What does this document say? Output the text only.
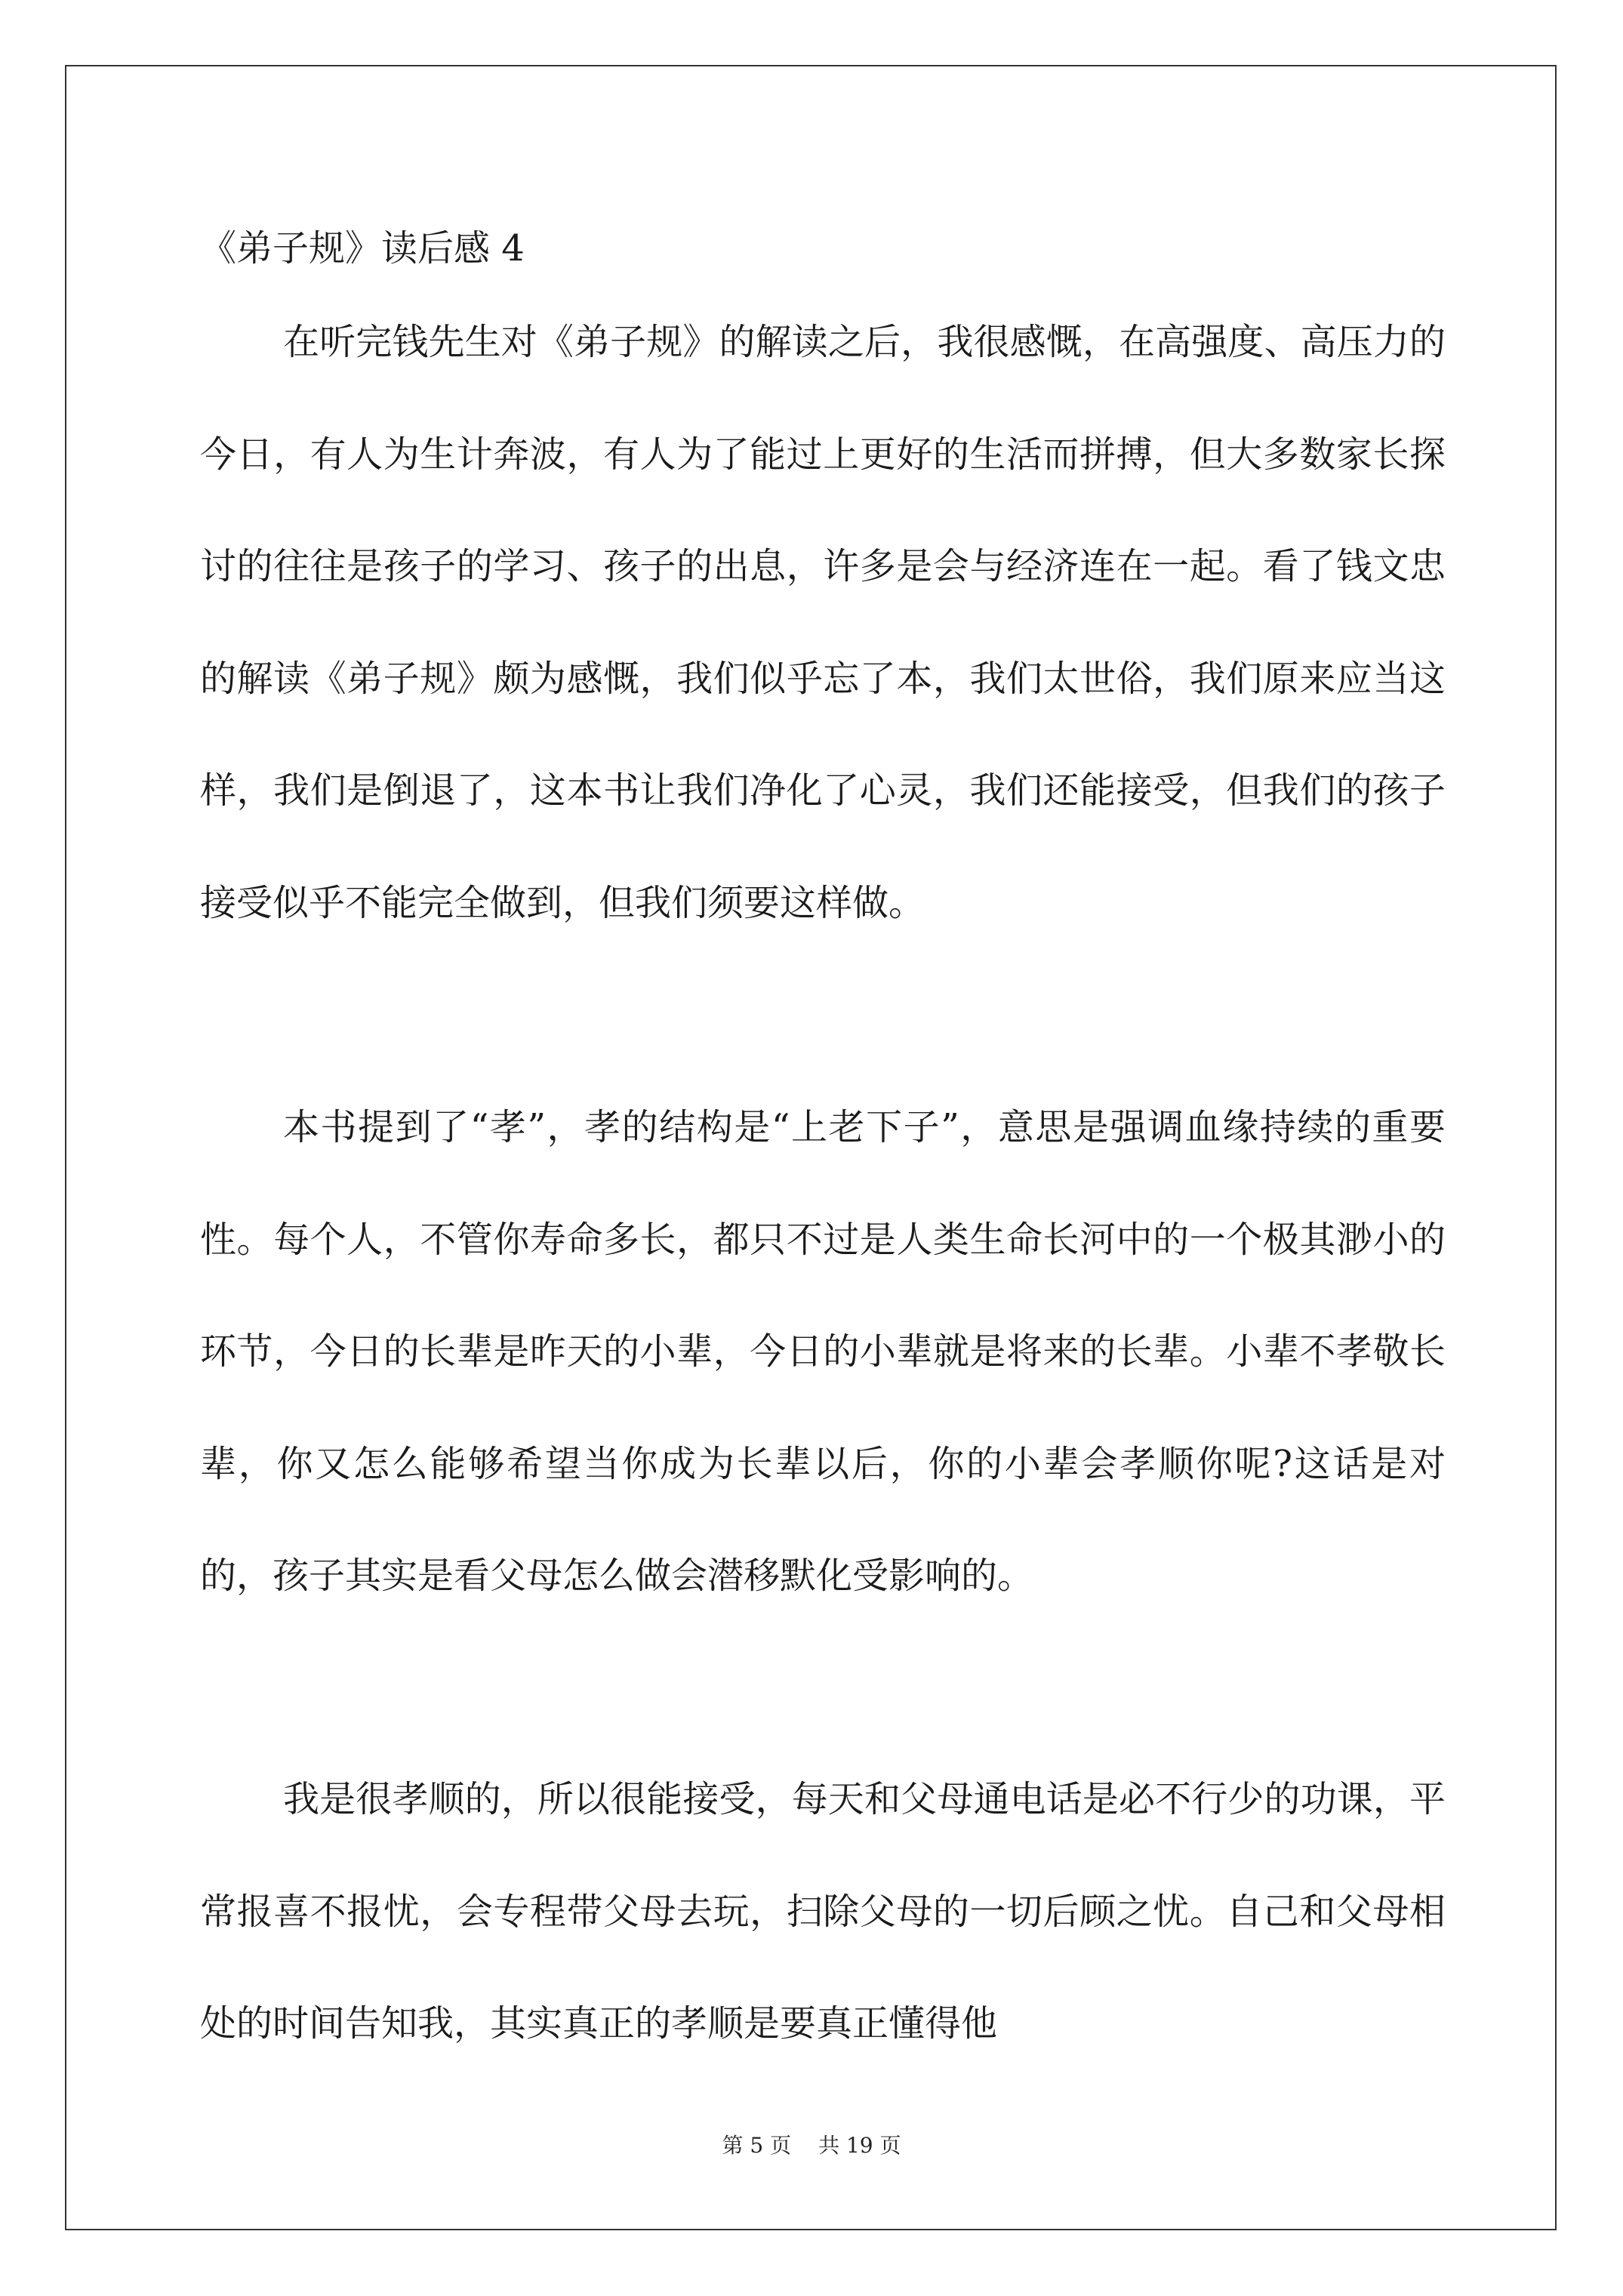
《弟子规》读后感 4

在听完钱先生对《弟子规》的解读之后，我很感慨，在高强度、高压力的今日，有人为生计奔波，有人为了能过上更好的生活而拼搏，但大多数家长探讨的往往是孩子的学习、孩子的出息，许多是会与经济连在一起。看了钱文忠的解读《弟子规》颇为感慨，我们似乎忘了本，我们太世俗，我们原来应当这样，我们是倒退了，这本书让我们净化了心灵，我们还能接受，但我们的孩子接受似乎不能完全做到，但我们须要这样做。

本书提到了“孝”，孝的结构是“上老下子”，意思是强调血缘持续的重要性。每个人，不管你寿命多长，都只不过是人类生命长河中的一个极其渺小的环节，今日的长辈是昨天的小辈，今日的小辈就是将来的长辈。小辈不孝敬长辈，你又怎么能够希望当你成为长辈以后，你的小辈会孝顺你呢?这话是对的，孩子其实是看父母怎么做会潜移默化受影响的。

我是很孝顺的，所以很能接受，每天和父母通电话是必不行少的功课，平常报喜不报忧，会专程带父母去玩，扫除父母的一切后顾之忧。自己和父母相处的时间告知我，其实真正的孝顺是要真正懂得他

第 5 页 共 19 页
